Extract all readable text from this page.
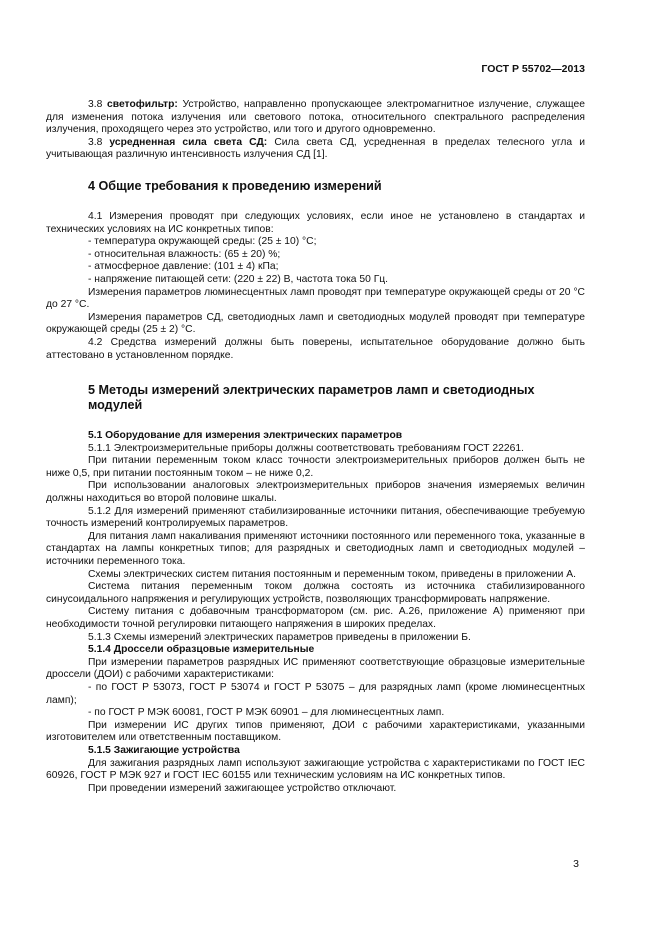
ГОСТ Р 55702—2013

3.8 светофильтр: Устройство, направленно пропускающее электромагнитное излучение, служащее для изменения потока излучения или светового потока, относительного спектрального распределения излучения, проходящего через это устройство, или того и другого одновременно.

3.8 усредненная сила света СД: Сила света СД, усредненная в пределах телесного угла и учитывающая различную интенсивность излучения СД [1].

4 Общие требования к проведению измерений

4.1 Измерения проводят при следующих условиях, если иное не установлено в стандартах и технических условиях на ИС конкретных типов:

- температура окружающей среды: (25 ± 10) °С;

- относительная влажность: (65 ± 20) %;

- атмосферное давление: (101 ± 4) кПа;

- напряжение питающей сети: (220 ± 22) В, частота тока 50 Гц.

Измерения параметров люминесцентных ламп проводят при температуре окружающей среды от 20 °С до 27 °С.

Измерения параметров СД, светодиодных ламп и светодиодных модулей проводят при температуре окружающей среды (25 ± 2) °С.

4.2 Средства измерений должны быть поверены, испытательное оборудование должно быть аттестовано в установленном порядке.

5 Методы измерений электрических параметров ламп и светодиодных модулей

5.1 Оборудование для измерения электрических параметров

5.1.1 Электроизмерительные приборы должны соответствовать требованиям ГОСТ 22261.

При питании переменным током класс точности электроизмерительных приборов должен быть не ниже 0,5, при питании постоянным током – не ниже 0,2.

При использовании аналоговых электроизмерительных приборов значения измеряемых величин должны находиться во второй половине шкалы.

5.1.2 Для измерений применяют стабилизированные источники питания, обеспечивающие требуемую точность измерений контролируемых параметров.

Для питания ламп накаливания применяют источники постоянного или переменного тока, указанные в стандартах на лампы конкретных типов; для разрядных и светодиодных ламп и светодиодных модулей – источники переменного тока.

Схемы электрических систем питания постоянным и переменным током, приведены в приложении А.

Система питания переменным током должна состоять из источника стабилизированного синусоидального напряжения и регулирующих устройств, позволяющих трансформировать напряжение.

Систему питания с добавочным трансформатором (см. рис. А.26, приложение А) применяют при необходимости точной регулировки питающего напряжения в широких пределах.

5.1.3 Схемы измерений электрических параметров приведены в приложении Б.

5.1.4 Дроссели образцовые измерительные

При измерении параметров разрядных ИС применяют соответствующие образцовые измерительные дроссели (ДОИ) с рабочими характеристиками:

- по ГОСТ Р 53073, ГОСТ Р 53074 и ГОСТ Р 53075 – для разрядных ламп (кроме люминесцентных ламп);

- по ГОСТ Р МЭК 60081, ГОСТ Р МЭК 60901 – для люминесцентных ламп.

При измерении ИС других типов применяют, ДОИ с рабочими характеристиками, указанными изготовителем или ответственным поставщиком.

5.1.5 Зажигающие устройства

Для зажигания разрядных ламп используют зажигающие устройства с характеристиками по ГОСТ IEC 60926, ГОСТ Р МЭК 927 и ГОСТ IEC 60155 или техническим условиям на ИС конкретных типов.

При проведении измерений зажигающее устройство отключают.

3
